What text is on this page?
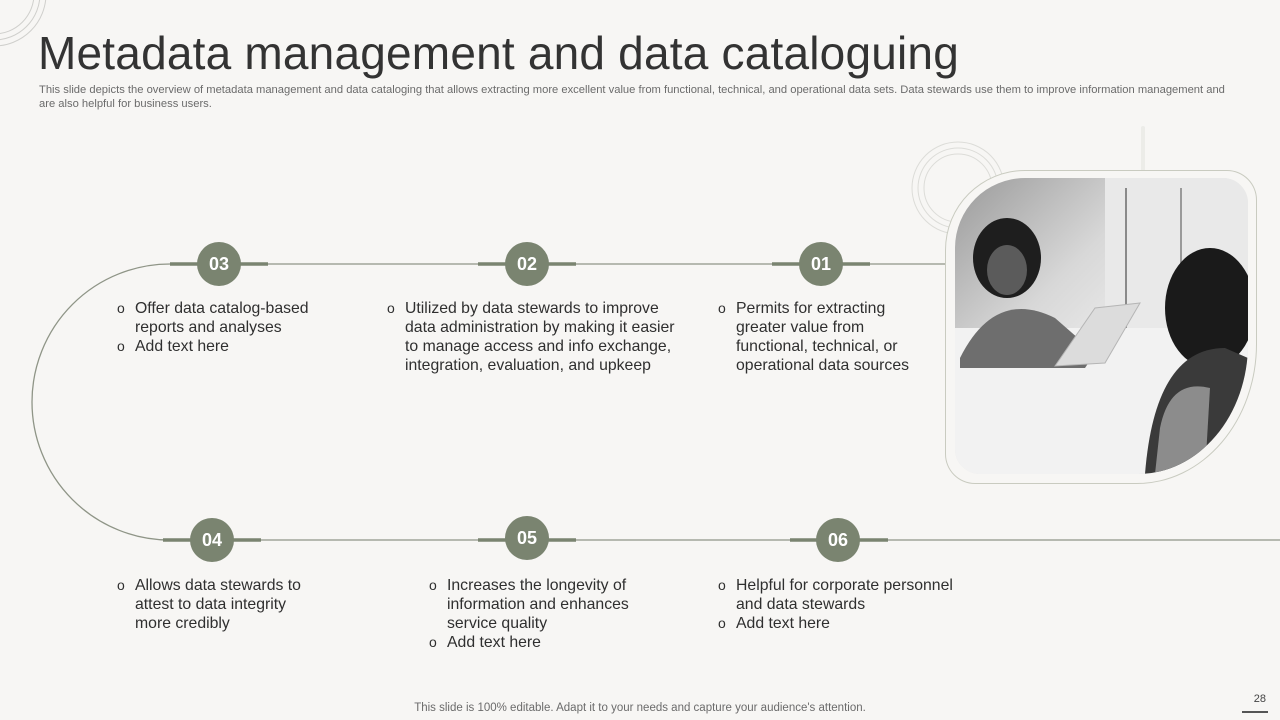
Metadata management and data cataloguing
This slide depicts the overview of metadata management and data cataloging that allows extracting more excellent value from functional, technical, and operational data sets. Data stewards use them to improve information management and are also helpful for business users.
03	02	01
04	05	06
o Offer data catalog-based reports and analyses
o Add text here
o Utilized by data stewards to improve data administration by making it easier to manage access and info exchange, integration, evaluation, and upkeep
o Permits for extracting greater value from functional, technical, or operational data sources
o Allows data stewards to attest to data integrity more credibly
o Increases the longevity of information and enhances service quality
o Add text here
o Helpful for corporate personnel and data stewards
o Add text here
This slide is 100% editable. Adapt it to your needs and capture your audience's attention.
28
